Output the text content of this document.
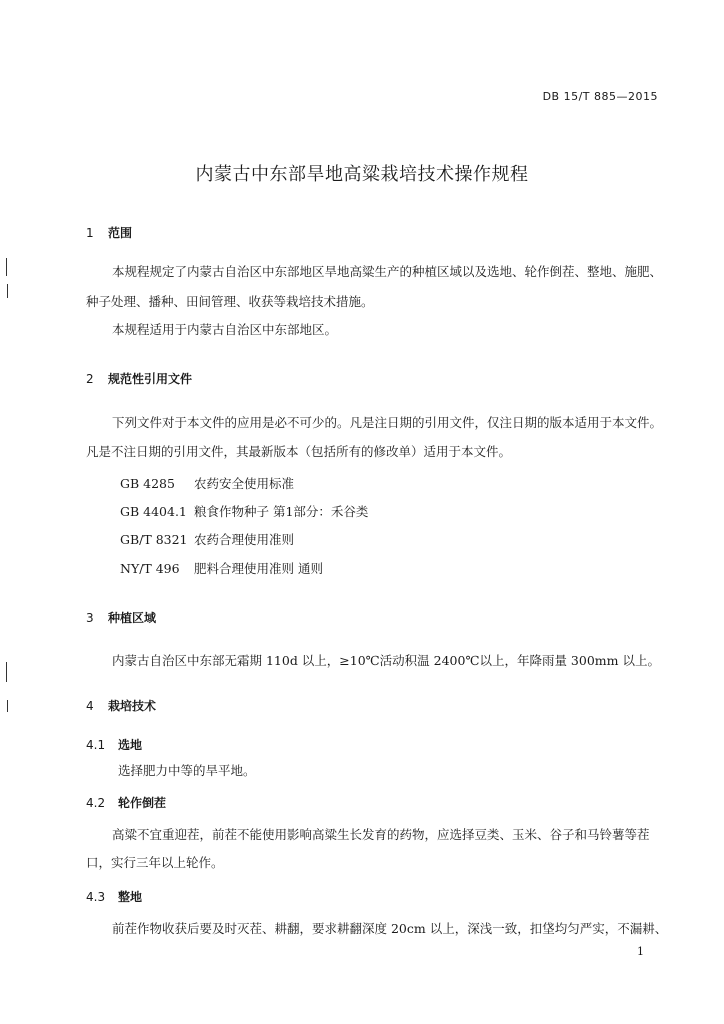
DB 15/T 885—2015
内蒙古中东部旱地高粱栽培技术操作规程
1 范围
本规程规定了内蒙古自治区中东部地区旱地高粱生产的种植区域以及选地、轮作倒茬、整地、施肥、
种子处理、播种、田间管理、收获等栽培技术措施。
本规程适用于内蒙古自治区中东部地区。
2 规范性引用文件
下列文件对于本文件的应用是必不可少的。凡是注日期的引用文件，仅注日期的版本适用于本文件。
凡是不注日期的引用文件，其最新版本（包括所有的修改单）适用于本文件。
GB 4285 农药安全使用标准
GB 4404.1 粮食作物种子 第1部分：禾谷类
GB/T 8321 农药合理使用准则
NY/T 496 肥料合理使用准则 通则
3 种植区域
内蒙古自治区中东部无霜期 110d 以上，≥10℃活动积温 2400℃以上，年降雨量 300mm 以上。
4 栽培技术
4.1 选地
选择肥力中等的旱平地。
4.2 轮作倒茬
高粱不宜重迎茬，前茬不能使用影响高粱生长发育的药物，应选择豆类、玉米、谷子和马铃薯等茬
口，实行三年以上轮作。
4.3 整地
前茬作物收获后要及时灭茬、耕翻，要求耕翻深度 20cm 以上，深浅一致，扣垡均匀严实，不漏耕、
1
